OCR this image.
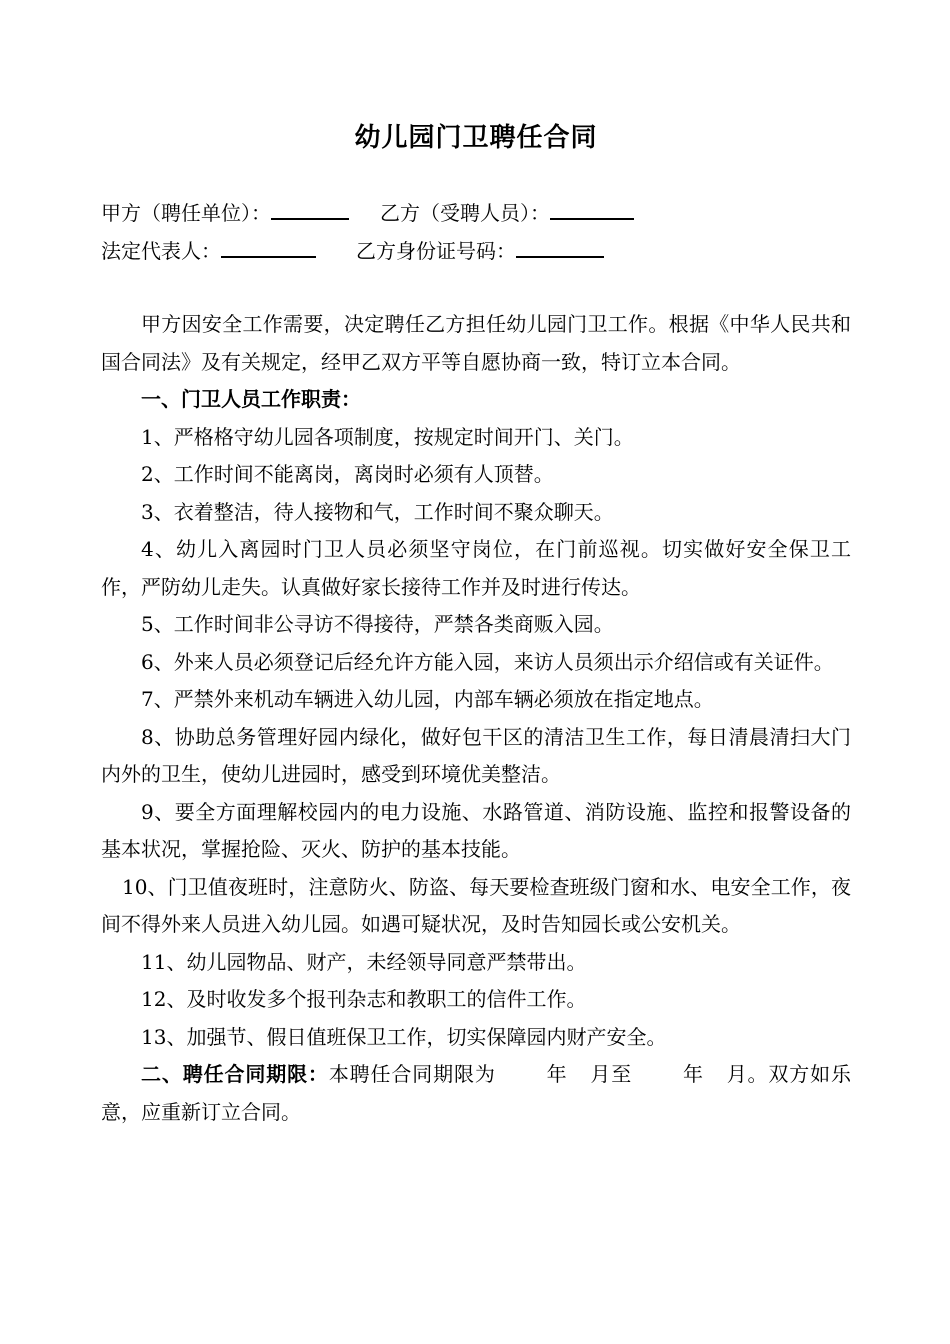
幼儿园门卫聘任合同
甲方（聘任单位）：	乙方（受聘人员）：
法定代表人：	乙方身份证号码：

甲方因安全工作需要，决定聘任乙方担任幼儿园门卫工作。根据《中华人民共和国合同法》及有关规定，经甲乙双方平等自愿协商一致，特订立本合同。

一、门卫人员工作职责：

1、严格格守幼儿园各项制度，按规定时间开门、关门。

2、工作时间不能离岗，离岗时必须有人顶替。

3、衣着整洁，待人接物和气，工作时间不聚众聊天。

4、幼儿入离园时门卫人员必须坚守岗位，在门前巡视。切实做好安全保卫工作，严防幼儿走失。认真做好家长接待工作并及时进行传达。

5、工作时间非公寻访不得接待，严禁各类商贩入园。

6、外来人员必须登记后经允许方能入园，来访人员须出示介绍信或有关证件。

7、严禁外来机动车辆进入幼儿园，内部车辆必须放在指定地点。

8、协助总务管理好园内绿化，做好包干区的清洁卫生工作，每日清晨清扫大门内外的卫生，使幼儿进园时，感受到环境优美整洁。

9、要全方面理解校园内的电力设施、水路管道、消防设施、监控和报警设备的基本状况，掌握抢险、灭火、防护的基本技能。

10、门卫值夜班时，注意防火、防盗、每天要检查班级门窗和水、电安全工作，夜间不得外来人员进入幼儿园。如遇可疑状况，及时告知园长或公安机关。

11、幼儿园物品、财产，未经领导同意严禁带出。

12、及时收发多个报刊杂志和教职工的信件工作。

13、加强节、假日值班保卫工作，切实保障园内财产安全。

二、聘任合同期限：本聘任合同期限为	年 月至	年 月。双方如乐意，应重新订立合同。
